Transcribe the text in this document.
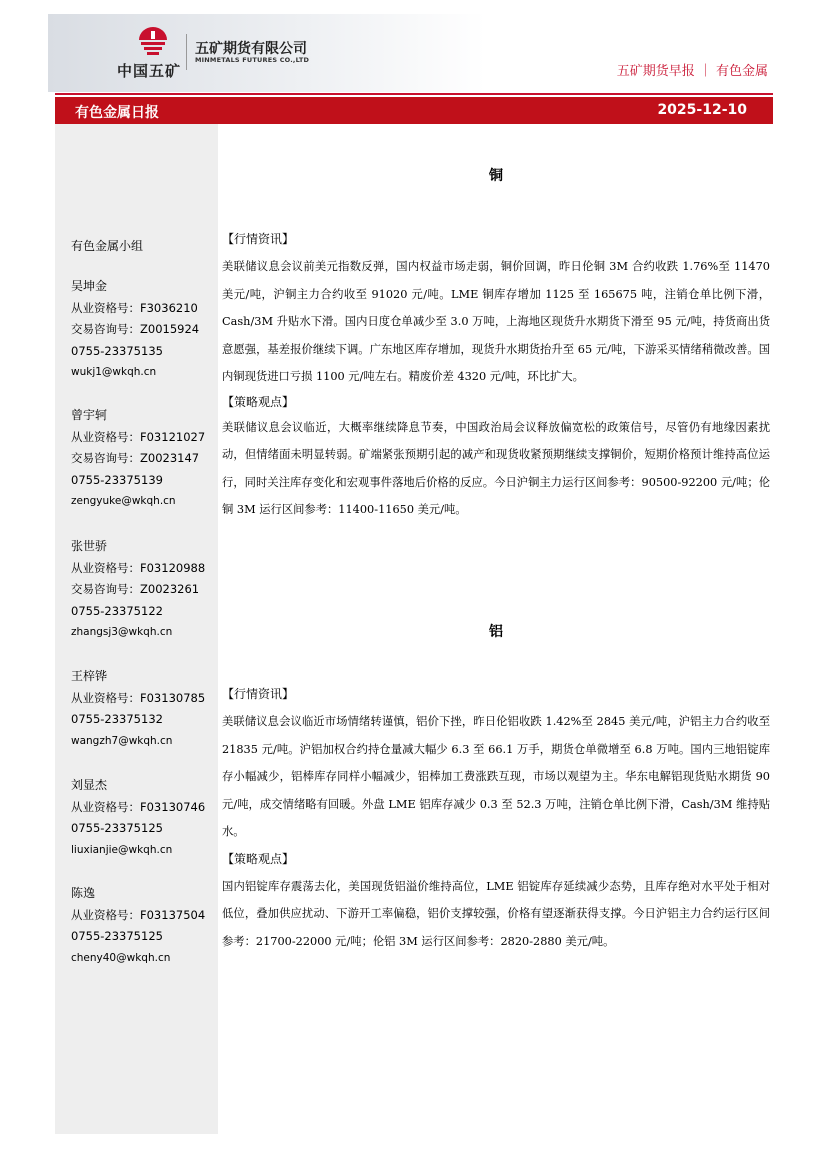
中国五矿
五矿期货有限公司
MINMETALS FUTURES CO.,LTD
五矿期货早报 ｜ 有色金属
有色金属日报	2025-12-10
有色金属小组
吴坤金
从业资格号：F3036210
交易咨询号：Z0015924
0755-23375135
wukj1@wkqh.cn
曾宇轲
从业资格号：F03121027
交易咨询号：Z0023147
0755-23375139
zengyuke@wkqh.cn
张世骄
从业资格号：F03120988
交易咨询号：Z0023261
0755-23375122
zhangsj3@wkqh.cn
王梓铧
从业资格号：F03130785
0755-23375132
wangzh7@wkqh.cn
刘显杰
从业资格号：F03130746
0755-23375125
liuxianjie@wkqh.cn
陈逸
从业资格号：F03137504
0755-23375125
cheny40@wkqh.cn
铜

【行情资讯】

美联储议息会议前美元指数反弹，国内权益市场走弱，铜价回调，昨日伦铜 3M 合约收跌 1.76%至 11470 美元/吨，沪铜主力合约收至 91020 元/吨。LME 铜库存增加 1125 至 165675 吨，注销仓单比例下滑，Cash/3M 升贴水下滑。国内日度仓单减少至 3.0 万吨，上海地区现货升水期货下滑至 95 元/吨，持货商出货意愿强，基差报价继续下调。广东地区库存增加，现货升水期货抬升至 65 元/吨，下游采买情绪稍微改善。国内铜现货进口亏损 1100 元/吨左右。精废价差 4320 元/吨，环比扩大。

【策略观点】

美联储议息会议临近，大概率继续降息节奏，中国政治局会议释放偏宽松的政策信号，尽管仍有地缘因素扰动，但情绪面未明显转弱。矿端紧张预期引起的减产和现货收紧预期继续支撑铜价，短期价格预计维持高位运行，同时关注库存变化和宏观事件落地后价格的反应。今日沪铜主力运行区间参考：90500-92200 元/吨；伦铜 3M 运行区间参考：11400-11650 美元/吨。

铝

【行情资讯】

美联储议息会议临近市场情绪转谨慎，铝价下挫，昨日伦铝收跌 1.42%至 2845 美元/吨，沪铝主力合约收至 21835 元/吨。沪铝加权合约持仓量减大幅少 6.3 至 66.1 万手，期货仓单微增至 6.8 万吨。国内三地铝锭库存小幅减少，铝棒库存同样小幅减少，铝棒加工费涨跌互现，市场以观望为主。华东电解铝现货贴水期货 90 元/吨，成交情绪略有回暖。外盘 LME 铝库存减少 0.3 至 52.3 万吨，注销仓单比例下滑，Cash/3M 维持贴水。

【策略观点】

国内铝锭库存震荡去化，美国现货铝溢价维持高位，LME 铝锭库存延续减少态势，且库存绝对水平处于相对低位，叠加供应扰动、下游开工率偏稳，铝价支撑较强，价格有望逐渐获得支撑。今日沪铝主力合约运行区间参考：21700-22000 元/吨；伦铝 3M 运行区间参考：2820-2880 美元/吨。
